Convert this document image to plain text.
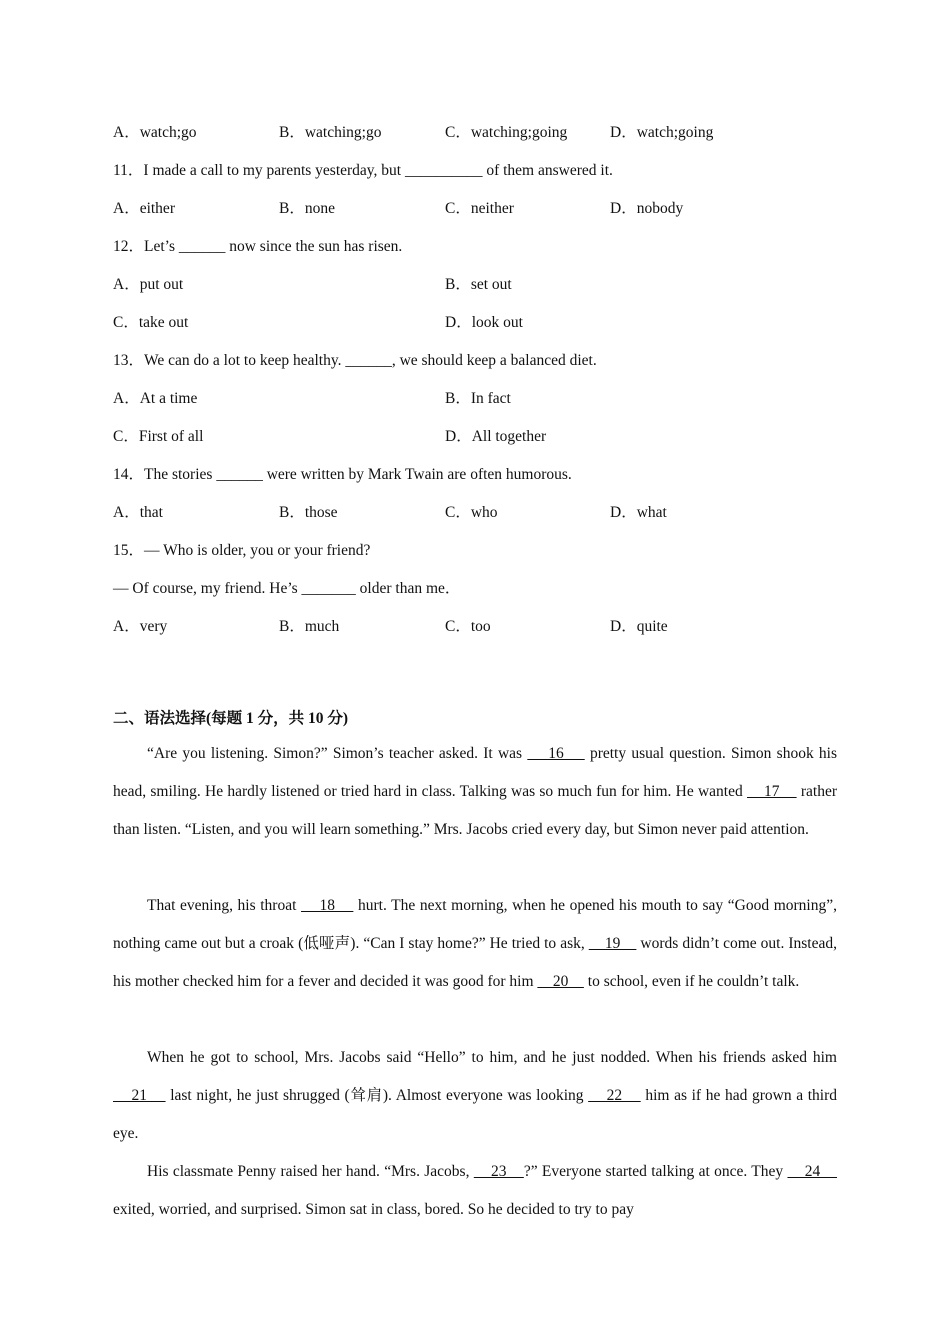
A．watch;go	B．watching;go	C．watching;going	D．watch;going
11．I made a call to my parents yesterday, but __________ of them answered it.
A．either	B．none	C．neither	D．nobody
12．Let’s ______ now since the sun has risen.
A．put out	B．set out
C．take out	D．look out
13．We can do a lot to keep healthy. ______, we should keep a balanced diet.
A．At a time	B．In fact
C．First of all	D．All together
14．The stories ______ were written by Mark Twain are often humorous.
A．that	B．those	C．who	D．what
15．— Who is older, you or your friend?
— Of course, my friend. He’s _______ older than me．
A．very	B．much	C．too	D．quite
二、语法选择(每题 1 分，共 10 分)
“Are you listening. Simon?” Simon’s teacher asked. It was     16     pretty usual question. Simon shook his head, smiling. He hardly listened or tried hard in class. Talking was so much fun for him. He wanted     17     rather than listen. “Listen, and you will learn something.” Mrs. Jacobs cried every day, but Simon never paid attention.
That evening, his throat     18     hurt. The next morning, when he opened his mouth to say “Good morning”, nothing came out but a croak (低哑声). “Can I stay home?” He tried to ask,     19     words didn’t come out. Instead, his mother checked him for a fever and decided it was good for him     20     to school, even if he couldn’t talk.
When he got to school, Mrs. Jacobs said “Hello” to him, and he just nodded. When his friends asked him     21     last night, he just shrugged (耸肩). Almost everyone was looking     22     him as if he had grown a third eye.
His classmate Penny raised her hand. “Mrs. Jacobs,     23    ?” Everyone started talking at once. They     24     exited, worried, and surprised. Simon sat in class, bored. So he decided to try to pay
